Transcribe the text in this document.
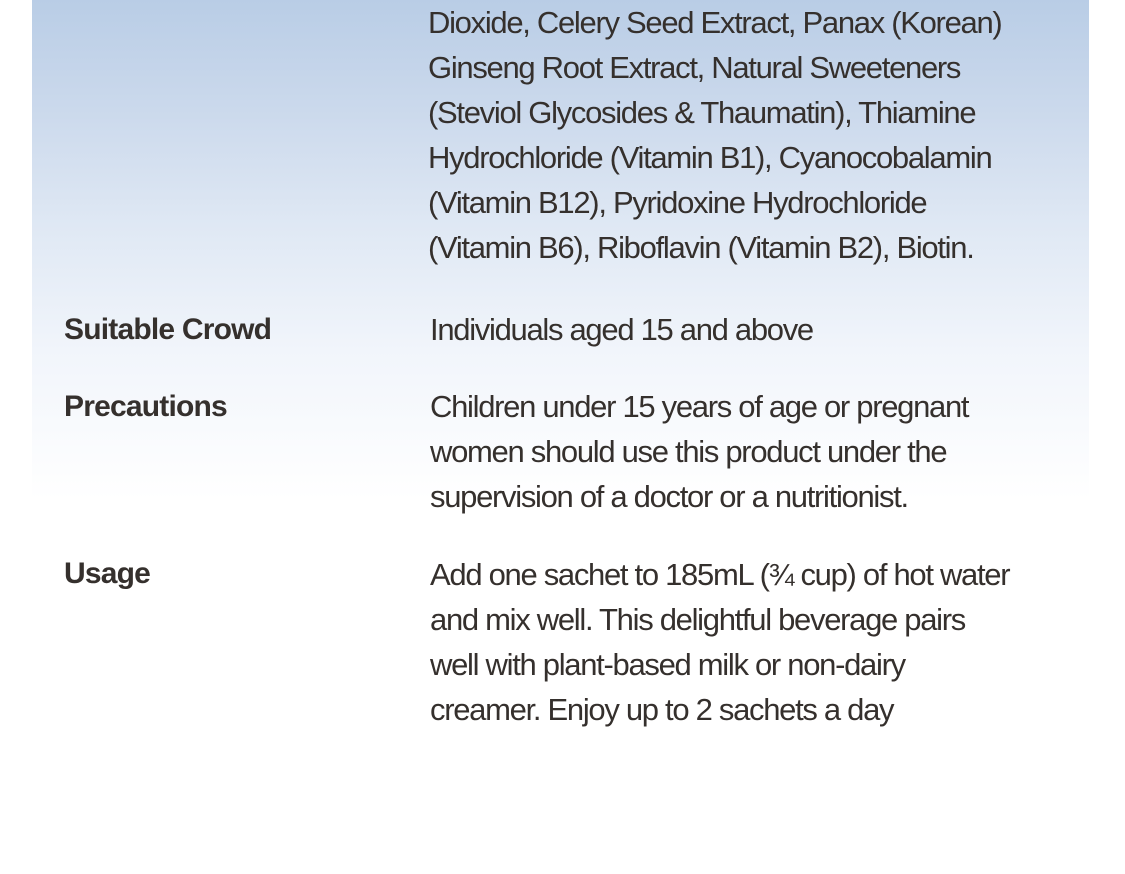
Dioxide, Celery Seed Extract, Panax (Korean)
Ginseng Root Extract, Natural Sweeteners
(Steviol Glycosides & Thaumatin), Thiamine
Hydrochloride (Vitamin B1), Cyanocobalamin
(Vitamin B12), Pyridoxine Hydrochloride
(Vitamin B6), Riboflavin (Vitamin B2), Biotin.
Suitable Crowd	Individuals aged 15 and above
Precautions	Children under 15 years of age or pregnant
women should use this product under the
supervision of a doctor or a nutritionist.
Usage	Add one sachet to 185mL (¾ cup) of hot water
and mix well. This delightful beverage pairs
well with plant-based milk or non-dairy
creamer. Enjoy up to 2 sachets a day
